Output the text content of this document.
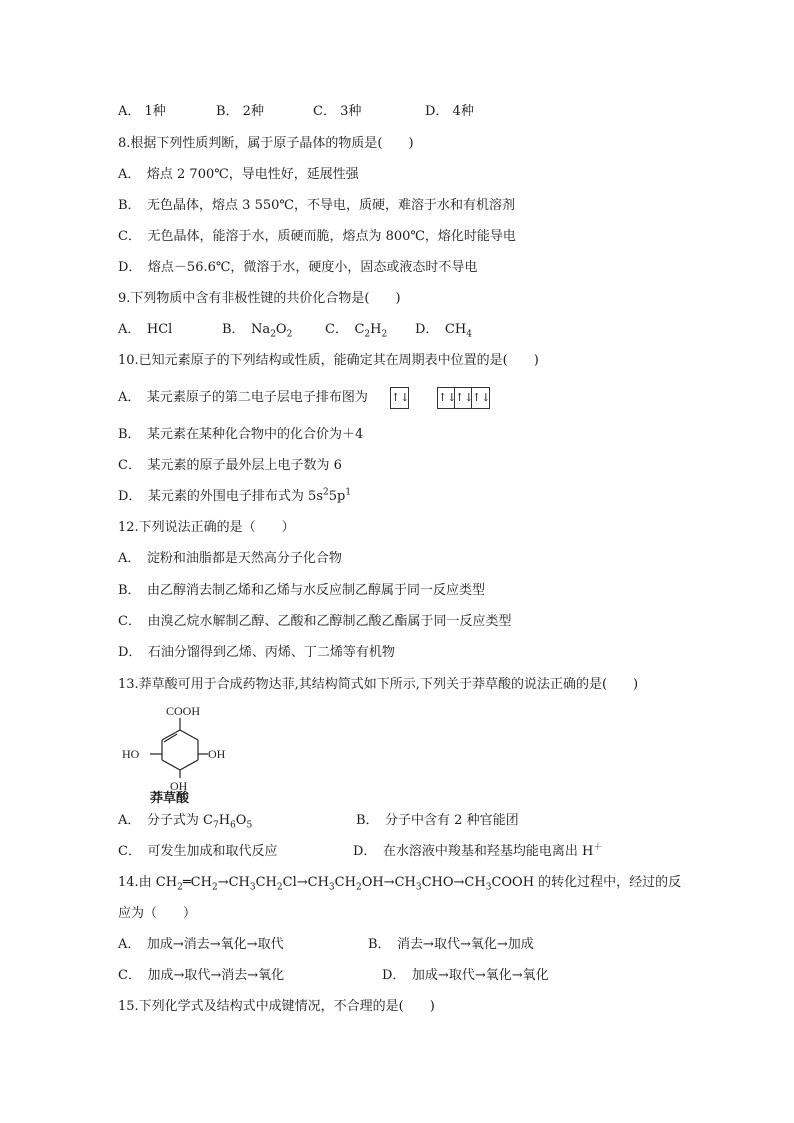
A． 1种	B． 2种	C． 3种	D． 4种
8.根据下列性质判断，属于原子晶体的物质是(　　)
A．　熔点 2 700℃，导电性好，延展性强
B．　无色晶体，熔点 3 550℃，不导电，质硬，难溶于水和有机溶剂
C．　无色晶体，能溶于水，质硬而脆，熔点为 800℃，熔化时能导电
D．　熔点－56.6℃，微溶于水，硬度小，固态或液态时不导电
9.下列物质中含有非极性键的共价化合物是(　　)
A．　HCl	B．　$Na_2O_2$	C．　$C_2H_2$ D．　$CH_4$
10.已知元素原子的下列结构或性质，能确定其在周期表中位置的是(　　)
A．　某元素原子的第二电子层电子排布图为 ↑↓	↑↓
↑↓
↑↓
B．　某元素在某种化合物中的化合价为＋4
C．　某元素的原子最外层上电子数为 6
D．　某元素的外围电子排布式为 $5s^25p^1$
12.下列说法正确的是（　　）
A．　淀粉和油脂都是天然高分子化合物
B．　由乙醇消去制乙烯和乙烯与水反应制乙醇属于同一反应类型
C．　由溴乙烷水解制乙醇、乙酸和乙醇制乙酸乙酯属于同一反应类型
D．　石油分馏得到乙烯、丙烯、丁二烯等有机物
13.莽草酸可用于合成药物达菲,其结构简式如下所示,下列关于莽草酸的说法正确的是(　　)
COOH
HO	OH
OH
莽草酸
A．　分子式为 $C_7H_6O_5$	B．　分子中含有 2 种官能团
C．　可发生加成和取代反应	D．　在水溶液中羧基和羟基均能电离出 H＋
14.由 $CH_2═CH_2\to CH_3CH_2Cl\to CH_3CH_2OH\to CH_3CHO\to CH_3COOH$ 的转化过程中，经过的反
应为（　　）
A．　加成→消去→氧化→取代	B．　消去→取代→氧化→加成
C．　加成→取代→消去→氧化	D．　加成→取代→氧化→氧化
15.下列化学式及结构式中成键情况，不合理的是(　　)
